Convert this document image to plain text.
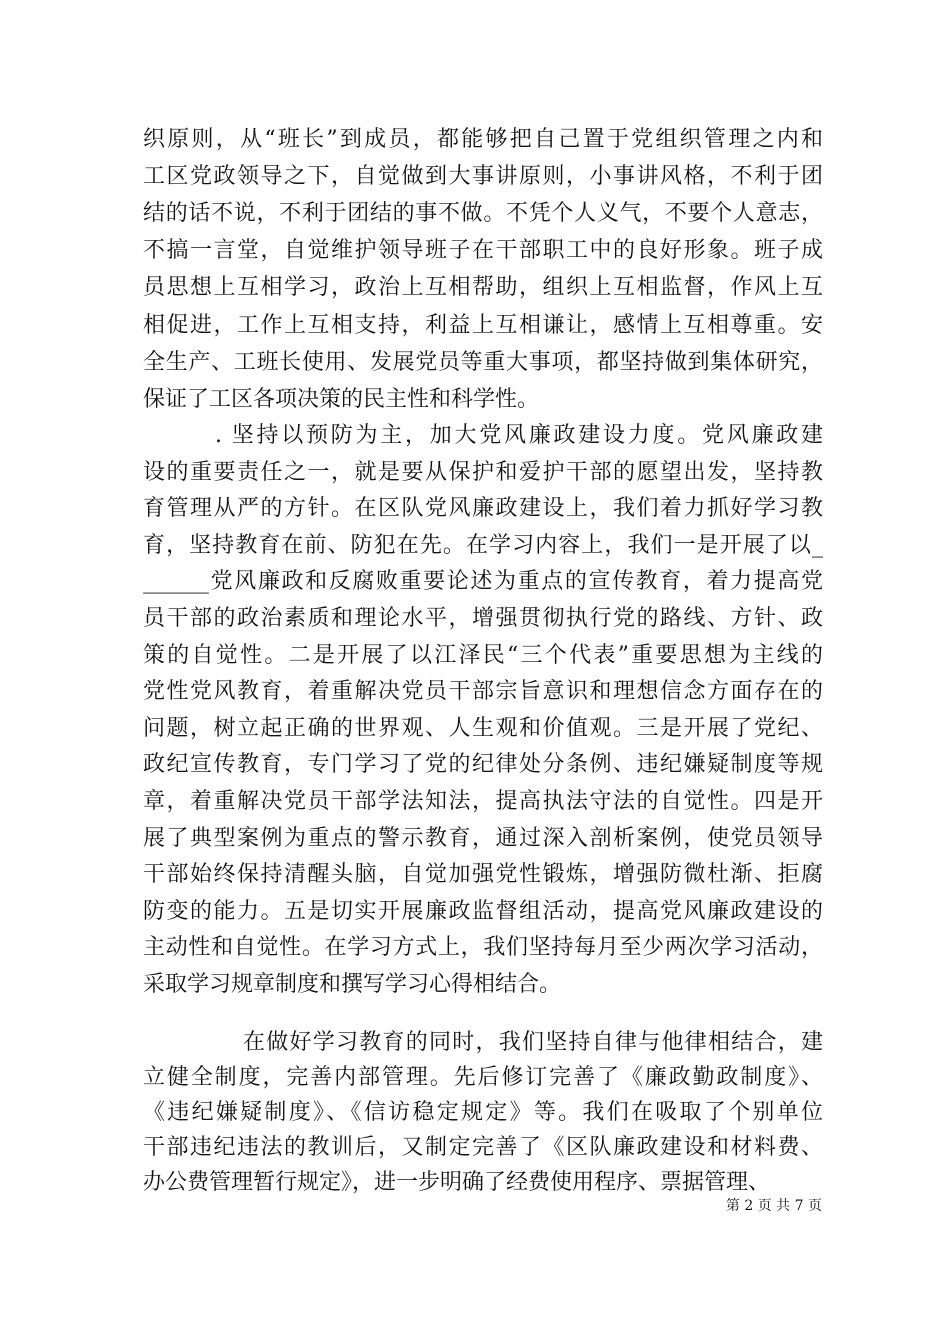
织原则，从“班长”到成员，都能够把自己置于党组织管理之内和
工区党政领导之下，自觉做到大事讲原则，小事讲风格，不利于团
结的话不说，不利于团结的事不做。不凭个人义气，不要个人意志，
不搞一言堂，自觉维护领导班子在干部职工中的良好形象。班子成
员思想上互相学习，政治上互相帮助，组织上互相监督，作风上互
相促进，工作上互相支持，利益上互相谦让，感情上互相尊重。安
全生产、工班长使用、发展党员等重大事项，都坚持做到集体研究，
保证了工区各项决策的民主性和科学性。
. 坚持以预防为主，加大党风廉政建设力度。党风廉政建
设的重要责任之一，就是要从保护和爱护干部的愿望出发，坚持教
育管理从严的方针。在区队党风廉政建设上，我们着力抓好学习教
育，坚持教育在前、防犯在先。在学习内容上，我们一是开展了以_
______党风廉政和反腐败重要论述为重点的宣传教育，着力提高党
员干部的政治素质和理论水平，增强贯彻执行党的路线、方针、政
策的自觉性。二是开展了以江泽民“三个代表”重要思想为主线的
党性党风教育，着重解决党员干部宗旨意识和理想信念方面存在的
问题，树立起正确的世界观、人生观和价值观。三是开展了党纪、
政纪宣传教育，专门学习了党的纪律处分条例、违纪嫌疑制度等规
章，着重解决党员干部学法知法，提高执法守法的自觉性。四是开
展了典型案例为重点的警示教育，通过深入剖析案例，使党员领导
干部始终保持清醒头脑，自觉加强党性锻炼，增强防微杜渐、拒腐
防变的能力。五是切实开展廉政监督组活动，提高党风廉政建设的
主动性和自觉性。在学习方式上，我们坚持每月至少两次学习活动，
采取学习规章制度和撰写学习心得相结合。
在做好学习教育的同时，我们坚持自律与他律相结合，建
立健全制度，完善内部管理。先后修订完善了《廉政勤政制度》、
《违纪嫌疑制度》、《信访稳定规定》等。我们在吸取了个别单位
干部违纪违法的教训后，又制定完善了《区队廉政建设和材料费、
办公费管理暂行规定》，进一步明确了经费使用程序、票据管理、
第 2 页 共 7 页
